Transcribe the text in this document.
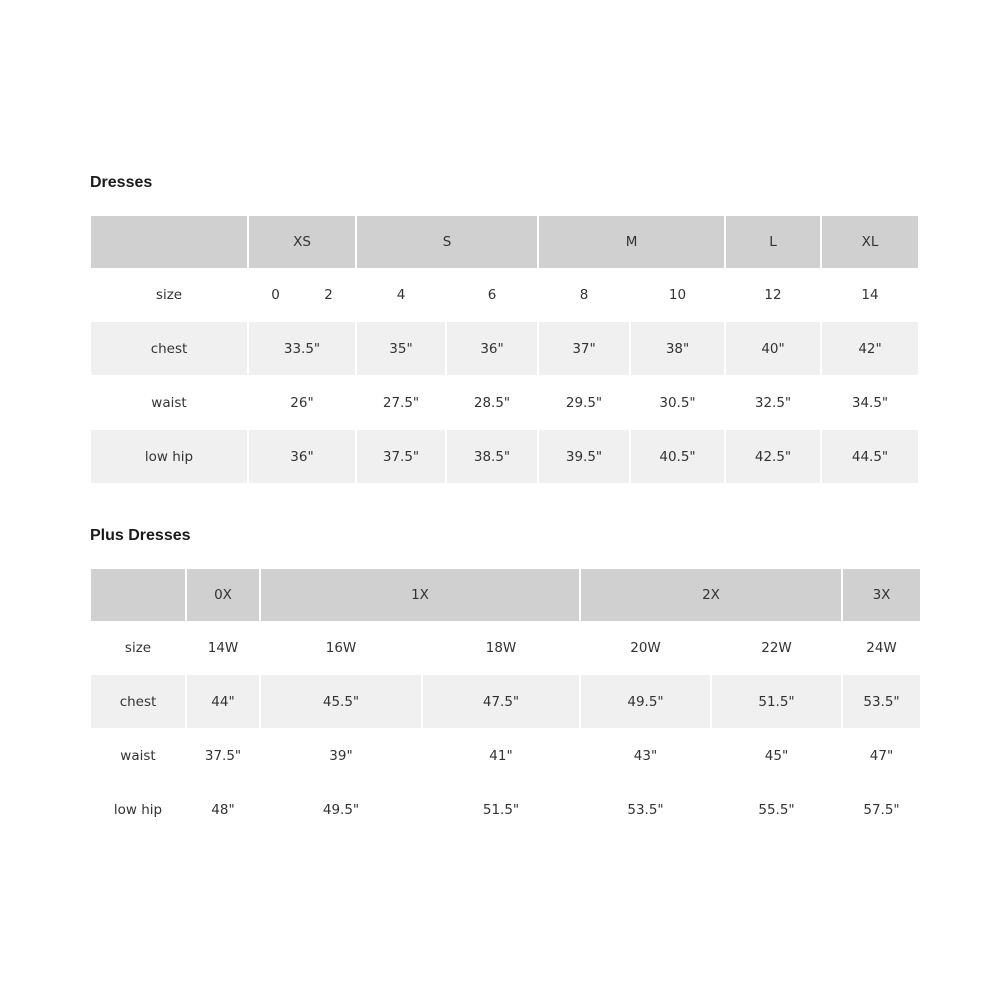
Dresses
	XS	S		M		L	XL
size	0 2	4	6	8	10	12	14
chest	33.5"	35"	36"	37"	38"	40"	42"
waist	26"	27.5"	28.5"	29.5"	30.5"	32.5"	34.5"
low hip	36"	37.5"	38.5"	39.5"	40.5"	42.5"	44.5"
Plus Dresses
	0X	1X		2X		3X
size	14W	16W	18W	20W	22W	24W
chest	44"	45.5"	47.5"	49.5"	51.5"	53.5"
waist	37.5"	39"	41"	43"	45"	47"
low hip	48"	49.5"	51.5"	53.5"	55.5"	57.5"
